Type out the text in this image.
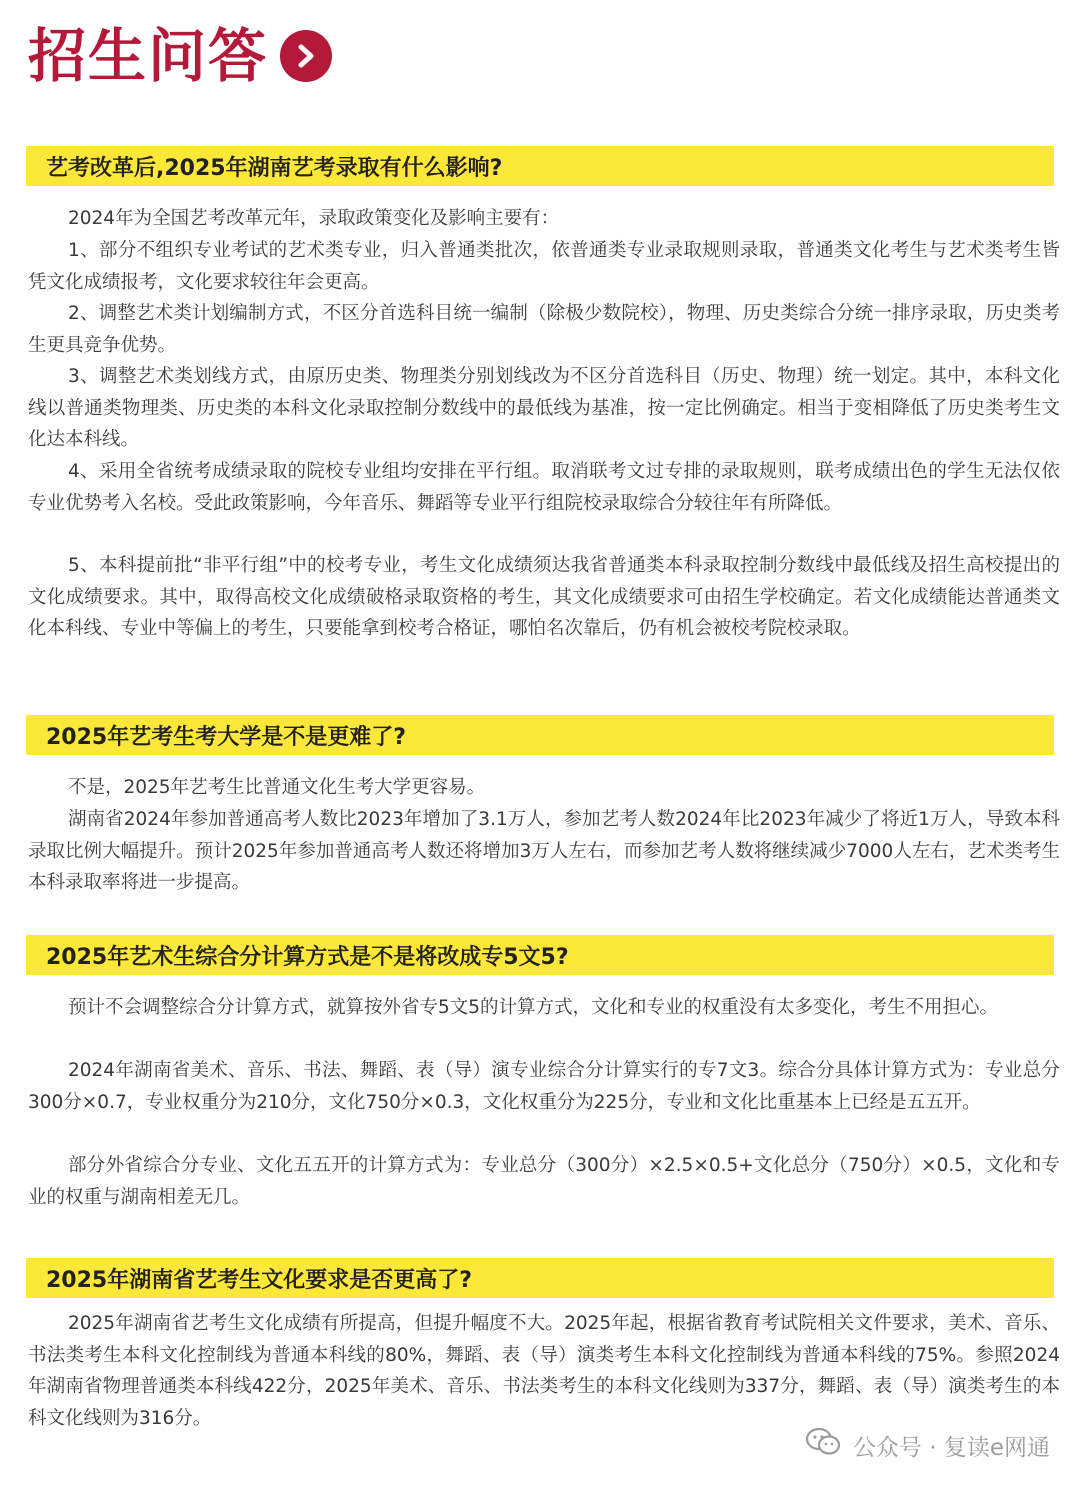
招生问答
艺考改革后,2025年湖南艺考录取有什么影响?

2024年为全国艺考改革元年，录取政策变化及影响主要有：

1、部分不组织专业考试的艺术类专业，归入普通类批次，依普通类专业录取规则录取，普通类文化考生与艺术类考生皆凭文化成绩报考，文化要求较往年会更高。

2、调整艺术类计划编制方式，不区分首选科目统一编制（除极少数院校），物理、历史类综合分统一排序录取，历史类考生更具竞争优势。

3、调整艺术类划线方式，由原历史类、物理类分别划线改为不区分首选科目（历史、物理）统一划定。其中，本科文化线以普通类物理类、历史类的本科文化录取控制分数线中的最低线为基准，按一定比例确定。相当于变相降低了历史类考生文化达本科线。

4、采用全省统考成绩录取的院校专业组均安排在平行组。取消联考文过专排的录取规则，联考成绩出色的学生无法仅依专业优势考入名校。受此政策影响，今年音乐、舞蹈等专业平行组院校录取综合分较往年有所降低。

5、本科提前批“非平行组”中的校考专业，考生文化成绩须达我省普通类本科录取控制分数线中最低线及招生高校提出的文化成绩要求。其中，取得高校文化成绩破格录取资格的考生，其文化成绩要求可由招生学校确定。若文化成绩能达普通类文化本科线、专业中等偏上的考生，只要能拿到校考合格证，哪怕名次靠后，仍有机会被校考院校录取。

2025年艺考生考大学是不是更难了?

不是，2025年艺考生比普通文化生考大学更容易。

湖南省2024年参加普通高考人数比2023年增加了3.1万人，参加艺考人数2024年比2023年减少了将近1万人，导致本科录取比例大幅提升。预计2025年参加普通高考人数还将增加3万人左右，而参加艺考人数将继续减少7000人左右，艺术类考生本科录取率将进一步提高。

2025年艺术生综合分计算方式是不是将改成专5文5?

预计不会调整综合分计算方式，就算按外省专5文5的计算方式，文化和专业的权重没有太多变化，考生不用担心。

2024年湖南省美术、音乐、书法、舞蹈、表（导）演专业综合分计算实行的专7文3。综合分具体计算方式为：专业总分300分×0.7，专业权重分为210分，文化750分×0.3，文化权重分为225分，专业和文化比重基本上已经是五五开。

部分外省综合分专业、文化五五开的计算方式为：专业总分（300分）×2.5×0.5+文化总分（750分）×0.5，文化和专业的权重与湖南相差无几。

2025年湖南省艺考生文化要求是否更高了?

2025年湖南省艺考生文化成绩有所提高，但提升幅度不大。2025年起，根据省教育考试院相关文件要求，美术、音乐、书法类考生本科文化控制线为普通本科线的80%，舞蹈、表（导）演类考生本科文化控制线为普通本科线的75%。参照2024年湖南省物理普通类本科线422分，2025年美术、音乐、书法类考生的本科文化线则为337分，舞蹈、表（导）演类考生的本科文化线则为316分。

公众号 · 复读e网通
